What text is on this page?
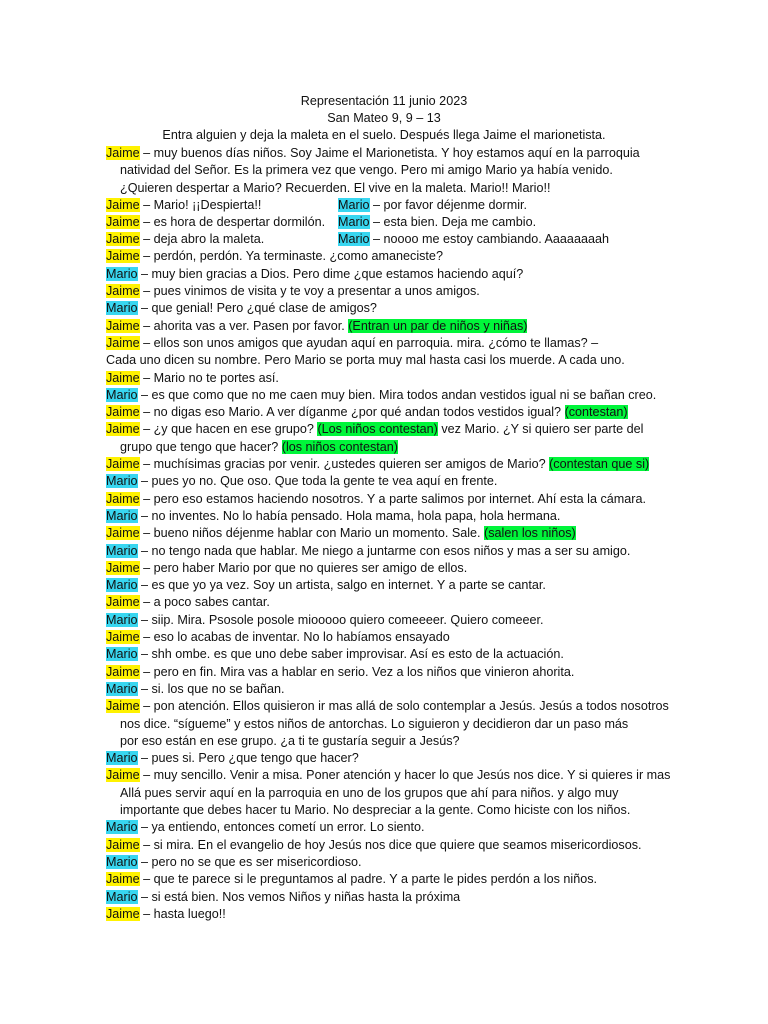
Representación 11 junio 2023
San Mateo 9, 9 – 13
Entra alguien y deja la maleta en el suelo. Después llega Jaime el marionetista.
Jaime – muy buenos días niños. Soy Jaime el Marionetista. Y hoy estamos aquí en la parroquia
natividad del Señor. Es la primera vez que vengo. Pero mi amigo Mario ya había venido.
¿Quieren despertar a Mario? Recuerden. El vive en la maleta. Mario!! Mario!!
Jaime – Mario! ¡¡Despierta!!	Mario – por favor déjenme dormir.
Jaime – es hora de despertar dormilón. Mario – esta bien. Deja me cambio.
Jaime – deja abro la maleta.	Mario – noooo me estoy cambiando. Aaaaaaaah
Jaime – perdón, perdón. Ya terminaste. ¿como amaneciste?
Mario – muy bien gracias a Dios. Pero dime ¿que estamos haciendo aquí?
Jaime – pues vinimos de visita y te voy a presentar a unos amigos.
Mario – que genial! Pero ¿qué clase de amigos?
Jaime – ahorita vas a ver. Pasen por favor. (Entran un par de niños y niñas)
Jaime – ellos son unos amigos que ayudan aquí en parroquia. mira. ¿cómo te llamas? –
Cada uno dicen su nombre. Pero Mario se porta muy mal hasta casi los muerde. A cada uno.
Jaime – Mario no te portes así.
Mario – es que como que no me caen muy bien. Mira todos andan vestidos igual ni se bañan creo.
Jaime – no digas eso Mario. A ver díganme ¿por qué andan todos vestidos igual? (contestan)
Jaime – ¿y que hacen en ese grupo? (Los niños contestan) vez Mario. ¿Y si quiero ser parte del
grupo que tengo que hacer? (los niños contestan)
Jaime – muchísimas gracias por venir. ¿ustedes quieren ser amigos de Mario? (contestan que si)
Mario – pues yo no. Que oso. Que toda la gente te vea aquí en frente.
Jaime – pero eso estamos haciendo nosotros. Y a parte salimos por internet. Ahí esta la cámara.
Mario – no inventes. No lo había pensado. Hola mama, hola papa, hola hermana.
Jaime – bueno niños déjenme hablar con Mario un momento. Sale. (salen los niños)
Mario – no tengo nada que hablar. Me niego a juntarme con esos niños y mas a ser su amigo.
Jaime – pero haber Mario por que no quieres ser amigo de ellos.
Mario – es que yo ya vez. Soy un artista, salgo en internet. Y a parte se cantar.
Jaime – a poco sabes cantar.
Mario – siip. Mira. Psosole posole miooooo quiero comeeeer. Quiero comeeer.
Jaime – eso lo acabas de inventar. No lo habíamos ensayado
Mario – shh ombe. es que uno debe saber improvisar. Así es esto de la actuación.
Jaime – pero en fin. Mira vas a hablar en serio. Vez a los niños que vinieron ahorita.
Mario – si. los que no se bañan.
Jaime – pon atención. Ellos quisieron ir mas allá de solo contemplar a Jesús. Jesús a todos nosotros
nos dice. “sígueme” y estos niños de antorchas. Lo siguieron y decidieron dar un paso más
por eso están en ese grupo. ¿a ti te gustaría seguir a Jesús?
Mario – pues si. Pero ¿que tengo que hacer?
Jaime – muy sencillo. Venir a misa. Poner atención y hacer lo que Jesús nos dice. Y si quieres ir mas
Allá pues servir aquí en la parroquia en uno de los grupos que ahí para niños. y algo muy
importante que debes hacer tu Mario. No despreciar a la gente. Como hiciste con los niños.
Mario – ya entiendo, entonces cometí un error. Lo siento.
Jaime – si mira. En el evangelio de hoy Jesús nos dice que quiere que seamos misericordiosos.
Mario – pero no se que es ser misericordioso.
Jaime – que te parece si le preguntamos al padre. Y a parte le pides perdón a los niños.
Mario – si está bien. Nos vemos Niños y niñas hasta la próxima
Jaime – hasta luego!!
